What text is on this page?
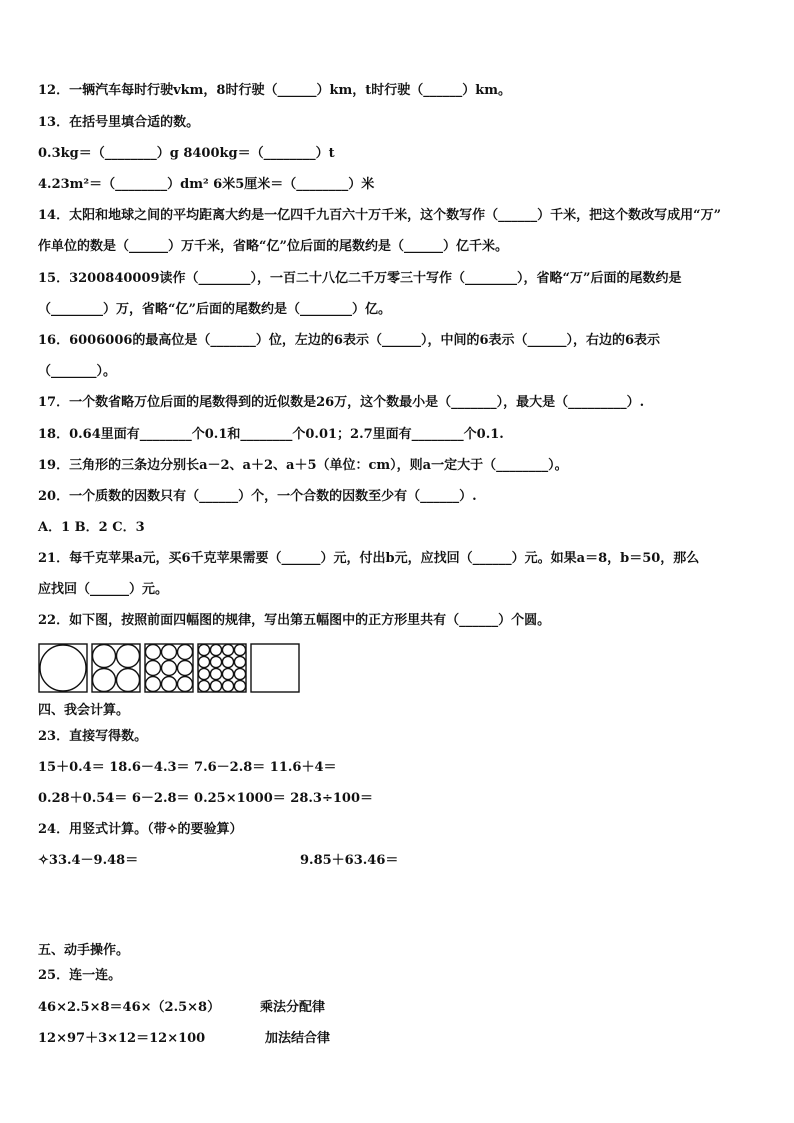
12．一辆汽车每时行驶vkm，8时行驶（______）km，t时行驶（______）km。
13．在括号里填合适的数。
0.3kg＝（________）g 8400kg＝（________）t
4.23m²＝（________）dm² 6米5厘米＝（________）米
14．太阳和地球之间的平均距离大约是一亿四千九百六十万千米，这个数写作（______）千米，把这个数改写成用“万”
作单位的数是（______）万千米，省略“亿”位后面的尾数约是（______）亿千米。
15．3200840009读作（________），一百二十八亿二千万零三十写作（________），省略“万”后面的尾数约是
（________）万，省略“亿”后面的尾数约是（________）亿。
16．6006006的最高位是（_______）位，左边的6表示（______），中间的6表示（______），右边的6表示
（_______）。
17．一个数省略万位后面的尾数得到的近似数是26万，这个数最小是（_______），最大是（_________）.
18．0.64里面有________个0.1和________个0.01；2.7里面有________个0.1.
19．三角形的三条边分别长a－2、a＋2、a＋5（单位：cm），则a一定大于（________）。
20．一个质数的因数只有（______）个，一个合数的因数至少有（______）.
A．1 B．2 C．3
21．每千克苹果a元，买6千克苹果需要（______）元，付出b元，应找回（______）元。如果a＝8，b＝50，那么
应找回（______）元。
22．如下图，按照前面四幅图的规律，写出第五幅图中的正方形里共有（______）个圆。
四、我会计算。
23．直接写得数。
15＋0.4＝ 18.6－4.3＝ 7.6－2.8＝ 11.6＋4＝
0.28＋0.54＝ 6－2.8＝ 0.25×1000＝ 28.3÷100＝
24．用竖式计算。（带✧的要验算）
✧33.4－9.48＝	9.85＋63.46＝
五、动手操作。
25．连一连。
46×2.5×8＝46×（2.5×8）	乘法分配律
12×97＋3×12＝12×100	加法结合律
